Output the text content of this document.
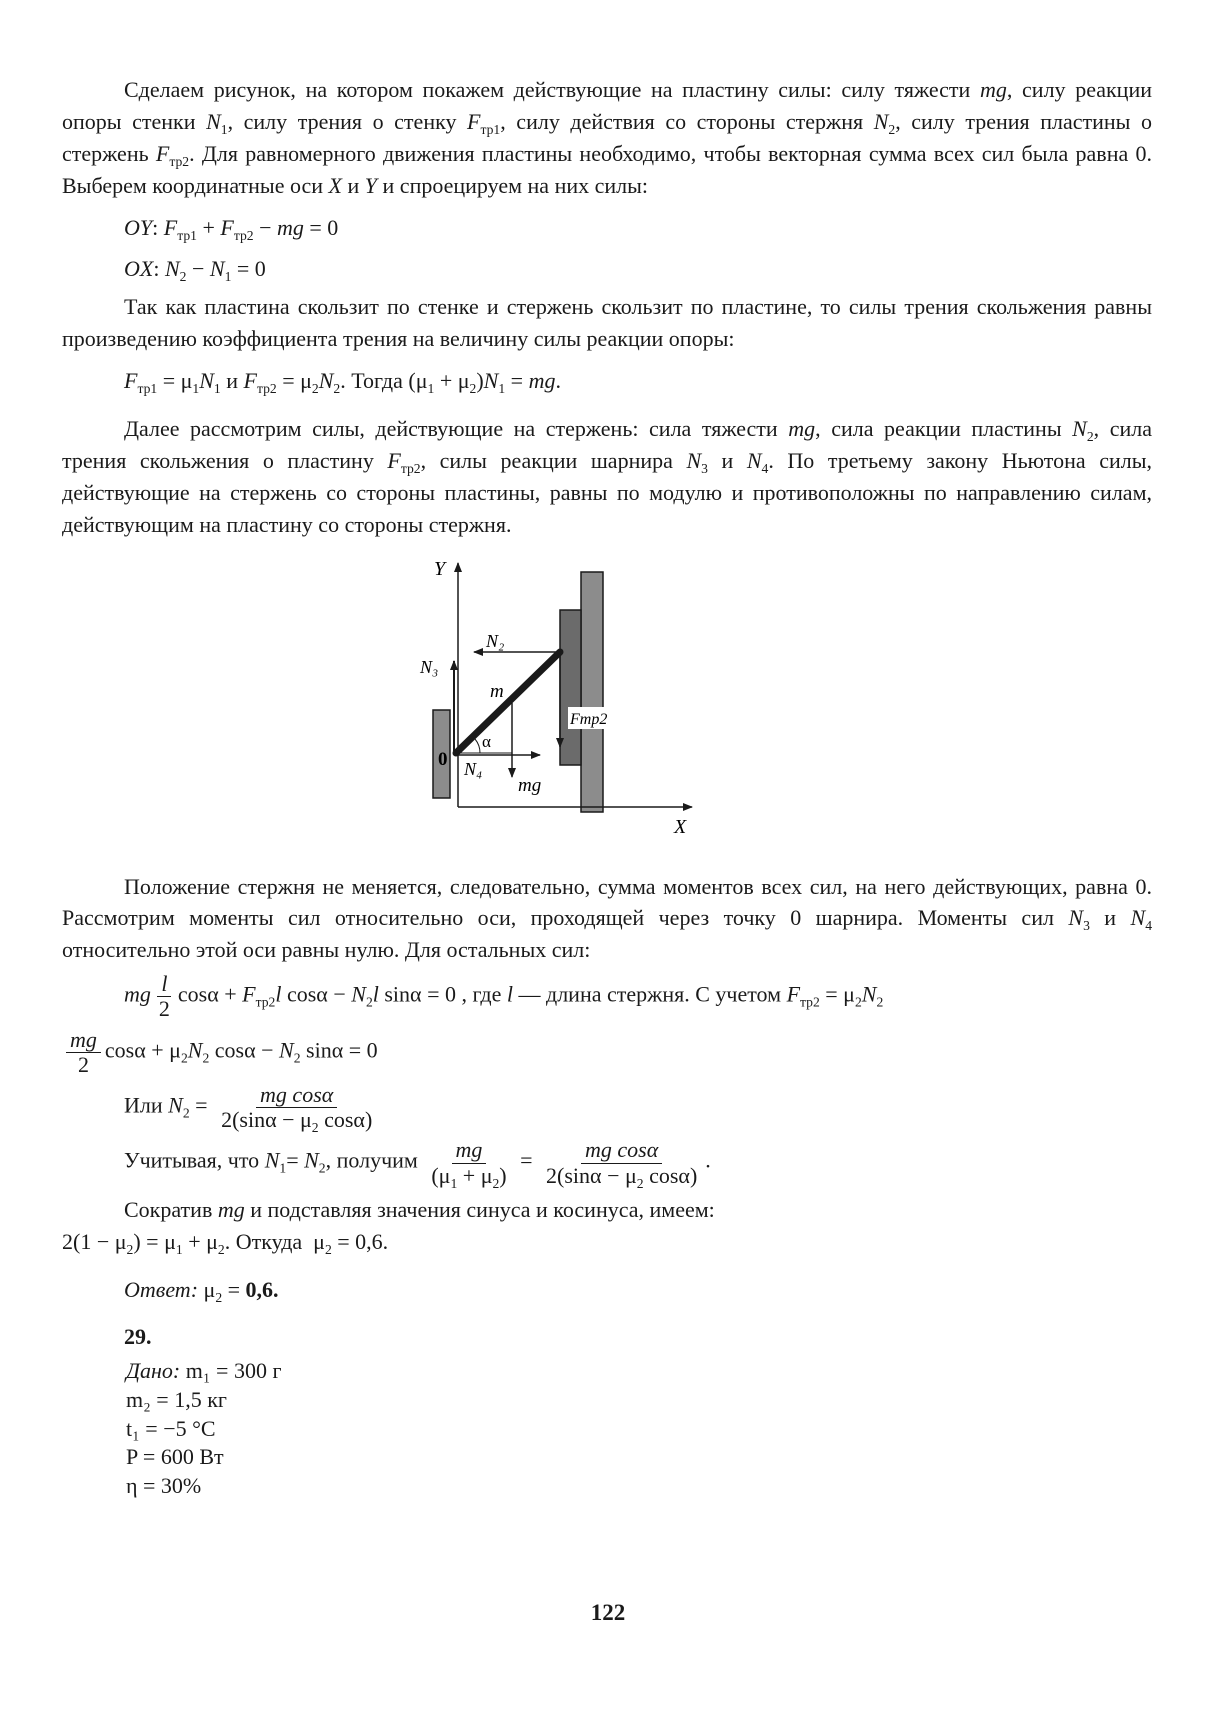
Сделаем рисунок, на котором покажем действующие на пластину силы: силу тяжести mg, силу реакции опоры стенки $N_1$, силу трения о стенку $F_{тр1}$, силу действия со стороны стержня $N_2$, силу трения пластины о стержень $F_{тр2}$. Для равномерного движения пластины необходимо, чтобы векторная сумма всех сил была равна 0. Выберем координатные оси X и Y и спроецируем на них силы:

OY: $F_{тр1} + F_{тр2}$ − mg = 0

OX: $N_2 - N_1 = 0$

Так как пластина скользит по стенке и стержень скользит по пластине, то силы трения скольжения равны произведению коэффициента трения на величину силы реакции опоры:

$F_{тр1} = \mu_1N_1$ и $F_{тр2} = \mu_2N_2$. Тогда $(\mu_1 + \mu_2)N_1$ = mg.

Далее рассмотрим силы, действующие на стержень: сила тяжести mg, сила реакции пластины $N_2$, сила трения скольжения о пластину $F_{тр2}$, силы реакции шарнира $N_3$ и $N_4$. По третьему закону Ньютона силы, действующие на стержень со стороны пластины, равны по модулю и противоположны по направлению силам, действующим на пластину со стороны стержня.

Y
X
0
N₂
N₃
N₄
m
α
mg
Fтр2

Положение стержня не меняется, следовательно, сумма моментов всех сил, на него действующих, равна 0. Рассмотрим моменты сил относительно оси, проходящей через точку 0 шарнира. Моменты сил $N_3$ и $N_4$ относительно этой оси равны нулю. Для остальных сил:

mg $\frac{l}{2}$ $\cos\alpha + F_{тр2}l$ $\cos\alpha - N_2l$ sinα = 0 , где l — длина стержня. С учетом $F_{тр2} = \mu_2N_2$

$\frac{mg}{2}$ $\cos\alpha + \mu_2N_2$ $\cos\alpha - N_2$ sinα = 0

Или $N_2 = \frac{\text{mg cosα}}{2(\sin\alpha - \mu_2 \cos\alpha)}$

Учитывая, что $N_1= N_2$, получим $\frac{mg}{(\mu_1 + \mu_2)} = \frac{\text{mg cosα}}{2(\sin\alpha - \mu_2 \cos\alpha)}$ .

Сократив mg и подставляя значения синуса и косинуса, имеем:

$2(1 - \mu_2) = \mu_1 + \mu_2$. Откуда  $\mu_2 = 0,6$.

Ответ: $\mu_2 = 0,6$.

29.

Дано: m₁ = 300 г
m₂ = 1,5 кг
t₁ = −5 °C
P = 600 Вт
η = 30%
122
